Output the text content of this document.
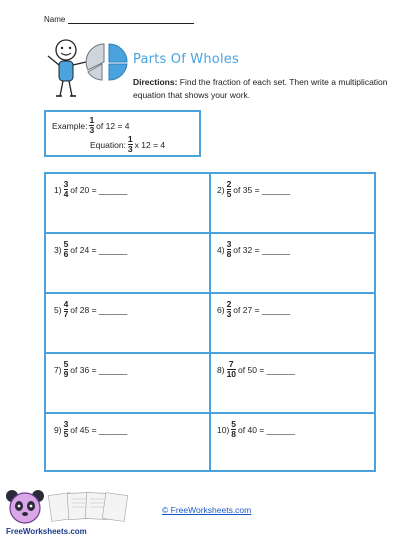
Name
Parts Of Wholes
Directions: Find the fraction of each set. Then write a multiplication equation that shows your work.
Example: $\frac{1}{3}$ of 12 = 4
Equation: $\frac{1}{3}$ x 12 = 4
$1) \frac{3}{4}$ of 20 = ______	$2) \frac{2}{5}$ of 35 = ______
$3) \frac{5}{6}$ of 24 = ______	$4) \frac{3}{8}$ of 32 = ______
$5) \frac{4}{7}$ of 28 = ______	$6) \frac{2}{3}$ of 27 = ______
$7) \frac{5}{9}$ of 36 = ______	$8) \frac{7}{10}$ of 50 = ______
$9) \frac{3}{5}$ of 45 = ______	$10) \frac{5}{8}$ of 40 = ______
FreeWorksheets.com
© FreeWorksheets.com
